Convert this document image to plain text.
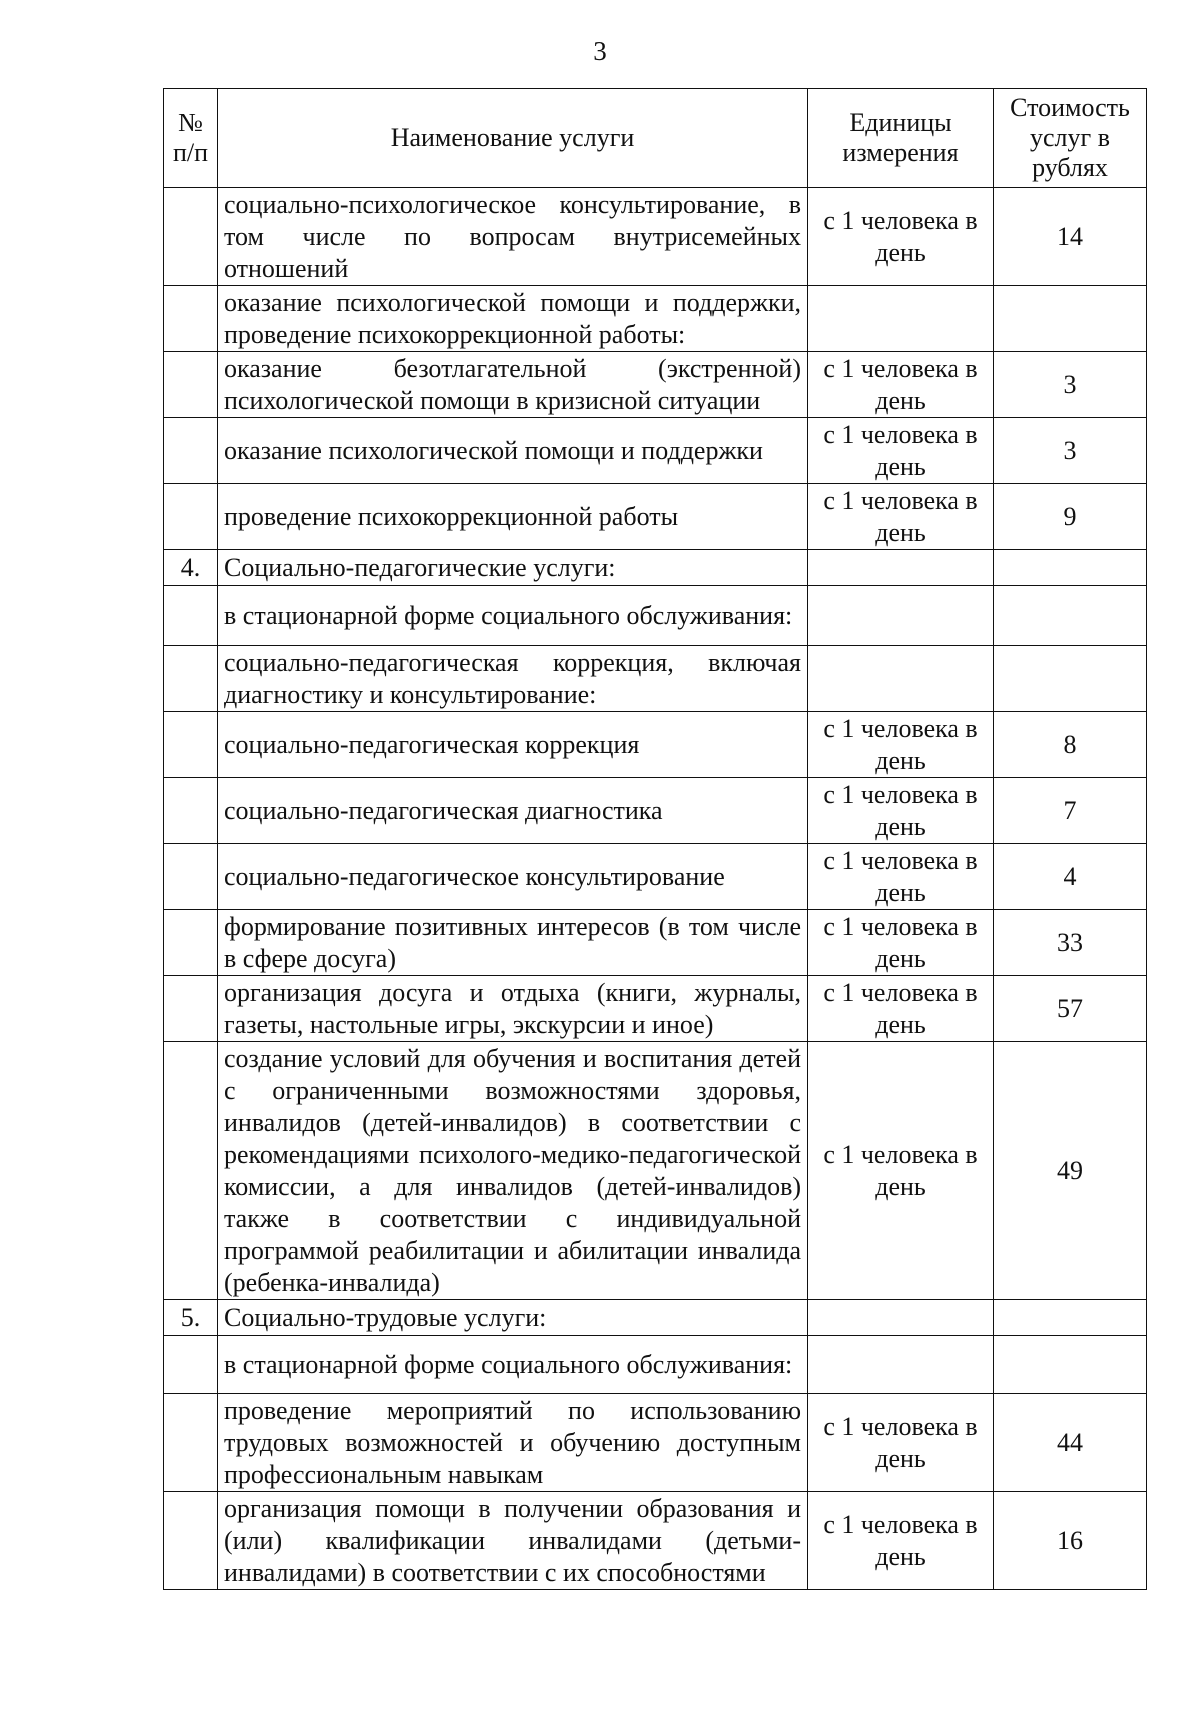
3
№ п/п	Наименование услуги	Единицы измерения	Стоимость услуг в рублях
	социально-психологическое консультирование, в том числе по вопросам внутрисемейных отношений	с 1 человека в день	14
	оказание психологической помощи и поддержки, проведение психокоррекционной работы:		
	оказание безотлагательной (экстренной) психологической помощи в кризисной ситуации	с 1 человека в день	3
	оказание психологической помощи и поддержки	с 1 человека в день	3
	проведение психокоррекционной работы	с 1 человека в день	9
4.	Социально-педагогические услуги:		
	в стационарной форме социального обслуживания:		
	социально-педагогическая коррекция, включая диагностику и консультирование:		
	социально-педагогическая коррекция	с 1 человека в день	8
	социально-педагогическая диагностика	с 1 человека в день	7
	социально-педагогическое консультирование	с 1 человека в день	4
	формирование позитивных интересов (в том числе в сфере досуга)	с 1 человека в день	33
	организация досуга и отдыха (книги, журналы, газеты, настольные игры, экскурсии и иное)	с 1 человека в день	57
	создание условий для обучения и воспитания детей с ограниченными возможностями здоровья, инвалидов (детей-инвалидов) в соответствии с рекомендациями психолого-медико-педагогической комиссии, а для инвалидов (детей-инвалидов) также в соответствии с индивидуальной программой реабилитации и абилитации инвалида (ребенка-инвалида)	с 1 человека в день	49
5.	Социально-трудовые услуги:		
	в стационарной форме социального обслуживания:		
	проведение мероприятий по использованию трудовых возможностей и обучению доступным профессиональным навыкам	с 1 человека в день	44
	организация помощи в получении образования и (или) квалификации инвалидами (детьми-инвалидами) в соответствии с их способностями	с 1 человека в день	16
